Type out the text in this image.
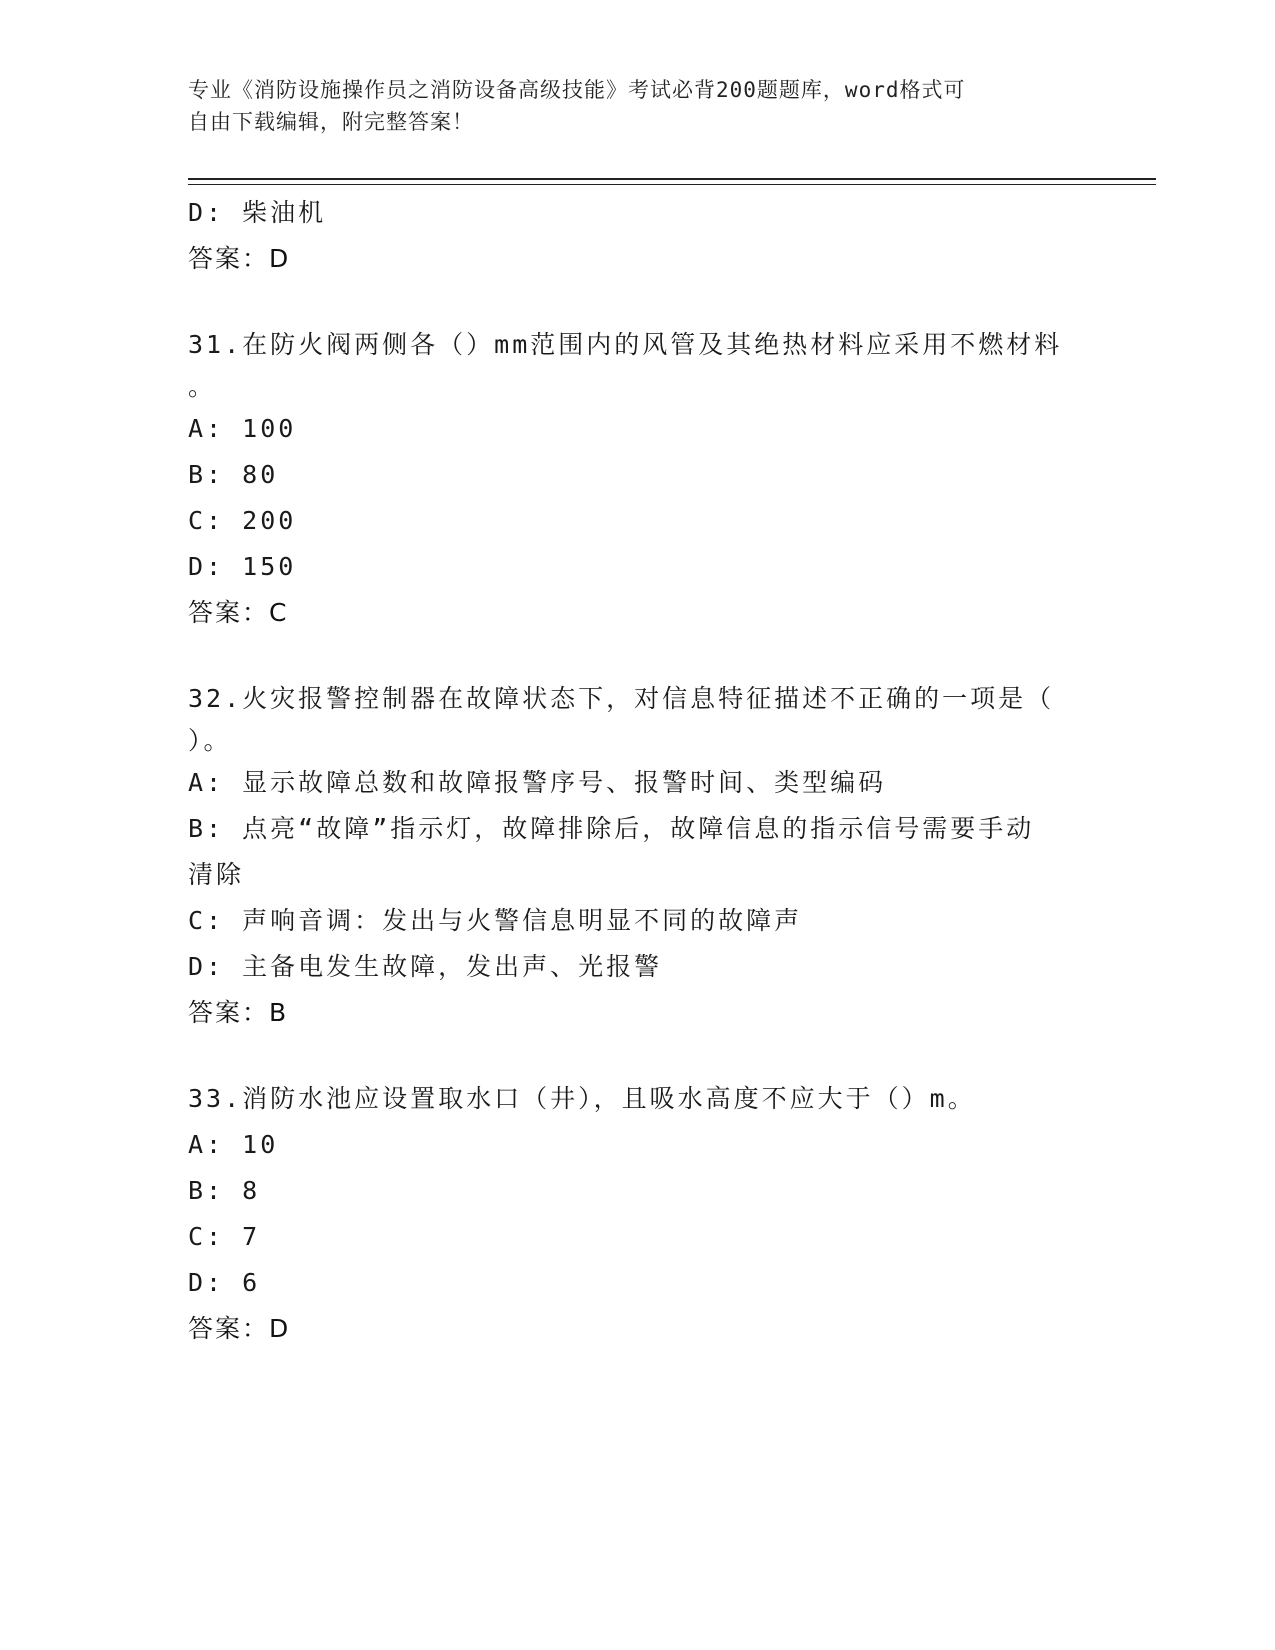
专业《消防设施操作员之消防设备高级技能》考试必背200题题库，word格式可
自由下载编辑，附完整答案！
D: 柴油机
答案：D
31.在防火阀两侧各（）mm范围内的风管及其绝热材料应采用不燃材料
。
A: 100
B: 80
C: 200
D: 150
答案：C
32.火灾报警控制器在故障状态下，对信息特征描述不正确的一项是（
）。
A: 显示故障总数和故障报警序号、报警时间、类型编码
B: 点亮“故障”指示灯，故障排除后，故障信息的指示信号需要手动
清除
C: 声响音调：发出与火警信息明显不同的故障声
D: 主备电发生故障，发出声、光报警
答案：B
33.消防水池应设置取水口（井），且吸水高度不应大于（）m。
A: 10
B: 8
C: 7
D: 6
答案：D
